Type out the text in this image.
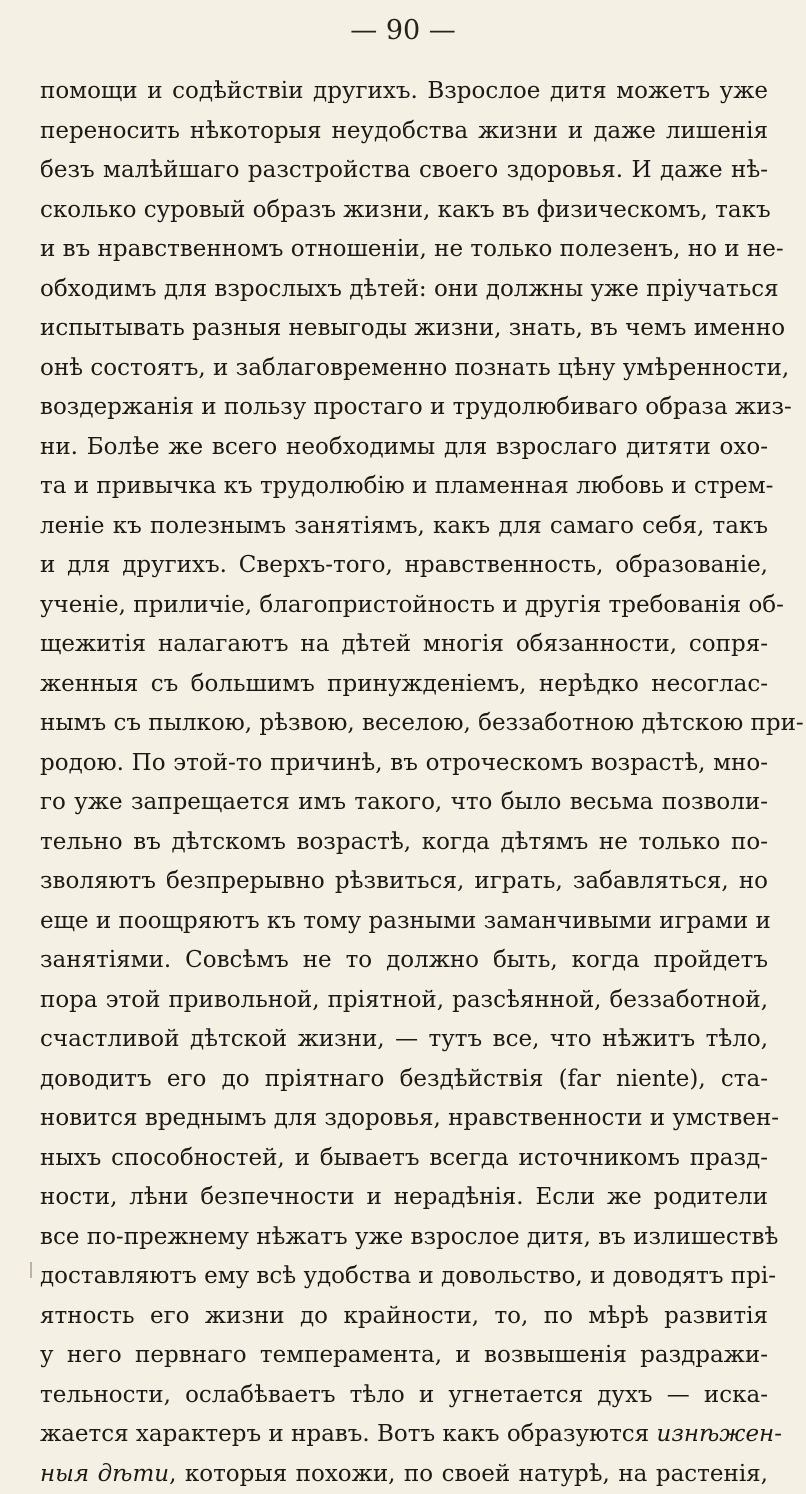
— 90 —
помощи и содѣйствіи другихъ. Взрослое дитя можетъ уже
переносить нѣкоторыя неудобства жизни и даже лишенія
безъ малѣйшаго разстройства своего здоровья. И даже нѣ-
сколько суровый образъ жизни, какъ въ физическомъ, такъ
и въ нравственномъ отношеніи, не только полезенъ, но и не-
обходимъ для взрослыхъ дѣтей: они должны уже пріучаться
испытывать разныя невыгоды жизни, знать, въ чемъ именно
онѣ состоятъ, и заблаговременно познать цѣну умѣренности,
воздержанія и пользу простаго и трудолюбиваго образа жиз-
ни. Болѣе же всего необходимы для взрослаго дитяти охо-
та и привычка къ трудолюбію и пламенная любовь и стрем-
леніе къ полезнымъ занятіямъ, какъ для самаго себя, такъ
и для другихъ. Сверхъ-того, нравственность, образованіе,
ученіе, приличіе, благопристойность и другія требованія об-
щежитія налагаютъ на дѣтей многія обязанности, сопря-
женныя съ большимъ принужденіемъ, нерѣдко несоглас-
нымъ съ пылкою, рѣзвою, веселою, беззаботною дѣтскою при-
родою. По этой-то причинѣ, въ отроческомъ возрастѣ, мно-
го уже запрещается имъ такого, что было весьма позволи-
тельно въ дѣтскомъ возрастѣ, когда дѣтямъ не только по-
зволяютъ безпрерывно рѣзвиться, играть, забавляться, но
еще и поощряютъ къ тому разными заманчивыми играми и
занятіями. Совсѣмъ не то должно быть, когда пройдетъ
пора этой привольной, пріятной, разсѣянной, беззаботной,
счастливой дѣтской жизни, — тутъ все, что нѣжитъ тѣло,
доводитъ его до пріятнаго бездѣйствія (far niente), ста-
новится вреднымъ для здоровья, нравственности и умствен-
ныхъ способностей, и бываетъ всегда источникомъ празд-
ности, лѣни безпечности и нерадѣнія. Если же родители
все по-прежнему нѣжатъ уже взрослое дитя, въ излишествѣ
доставляютъ ему всѣ удобства и довольство, и доводятъ прі-
ятность его жизни до крайности, то, по мѣрѣ развитія
у него первнаго темперамента, и возвышенія раздражи-
тельности, ослабѣваетъ тѣло и угнетается духъ — иска-
жается характеръ и нравъ. Вотъ какъ образуются изнѣжен-
ныя дѣти, которыя похожи, по своей натурѣ, на растенія,
